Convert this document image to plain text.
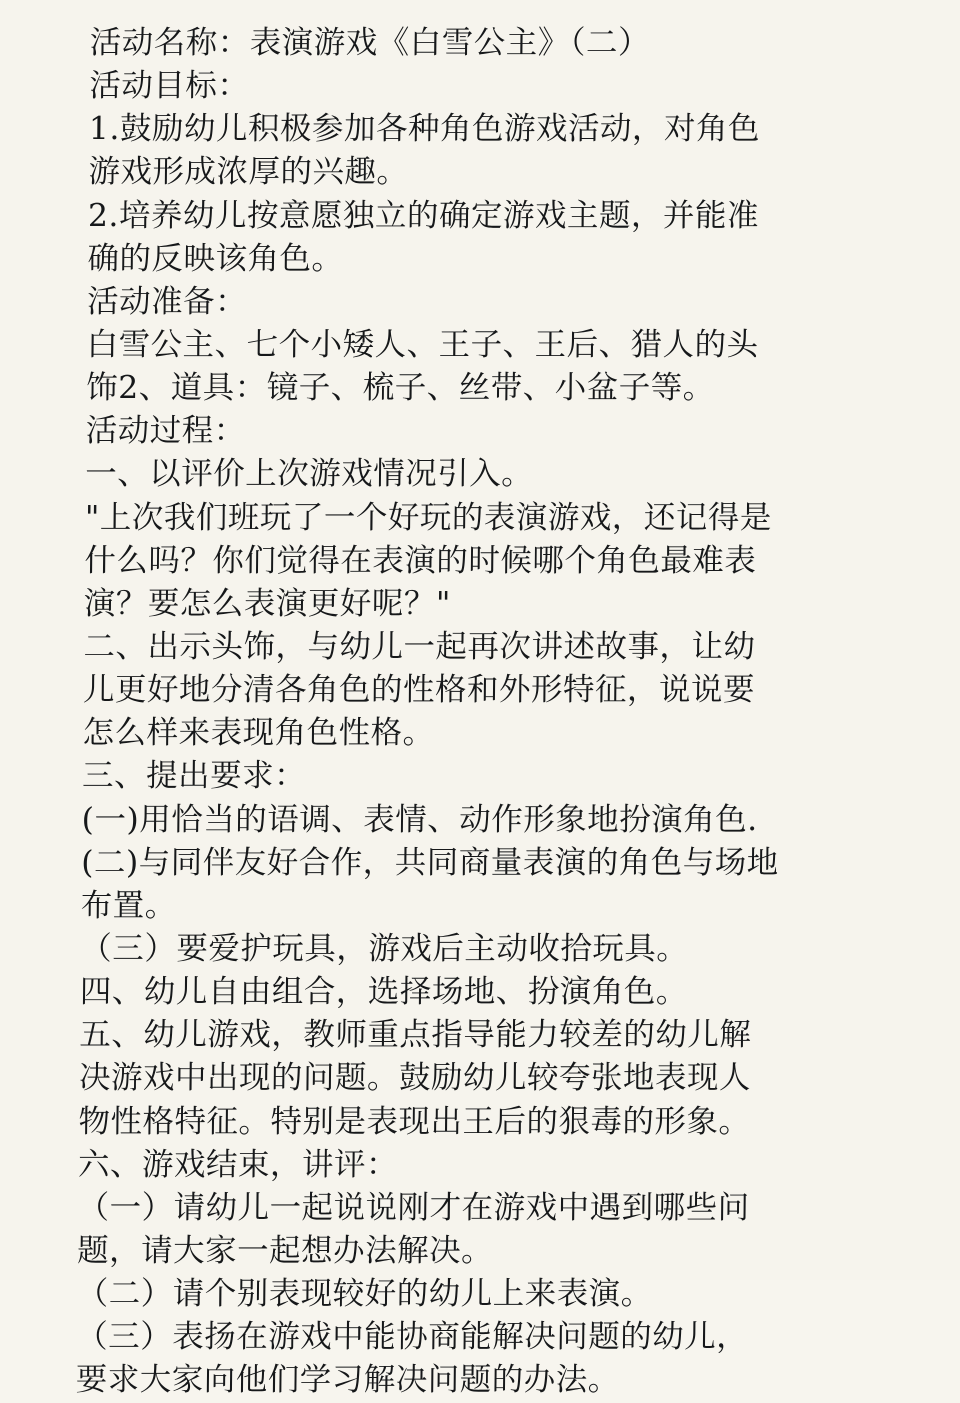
活动名称：表演游戏《白雪公主》（二）
活动目标：
1.鼓励幼儿积极参加各种角色游戏活动，对角色
游戏形成浓厚的兴趣。
2.培养幼儿按意愿独立的确定游戏主题，并能准
确的反映该角色。
活动准备：
白雪公主、七个小矮人、王子、王后、猎人的头
饰2、道具：镜子、梳子、丝带、小盆子等。
活动过程：
一、以评价上次游戏情况引入。
"上次我们班玩了一个好玩的表演游戏，还记得是
什么吗？你们觉得在表演的时候哪个角色最难表
演？要怎么表演更好呢？"
二、出示头饰，与幼儿一起再次讲述故事，让幼
儿更好地分清各角色的性格和外形特征，说说要
怎么样来表现角色性格。
三、提出要求：
(一)用恰当的语调、表情、动作形象地扮演角色.
(二)与同伴友好合作，共同商量表演的角色与场地
布置。
（三）要爱护玩具，游戏后主动收拾玩具。
四、幼儿自由组合，选择场地、扮演角色。
五、幼儿游戏，教师重点指导能力较差的幼儿解
决游戏中出现的问题。鼓励幼儿较夸张地表现人
物性格特征。特别是表现出王后的狠毒的形象。
六、游戏结束，讲评：
（一）请幼儿一起说说刚才在游戏中遇到哪些问
题，请大家一起想办法解决。
（二）请个别表现较好的幼儿上来表演。
（三）表扬在游戏中能协商能解决问题的幼儿，
要求大家向他们学习解决问题的办法。
